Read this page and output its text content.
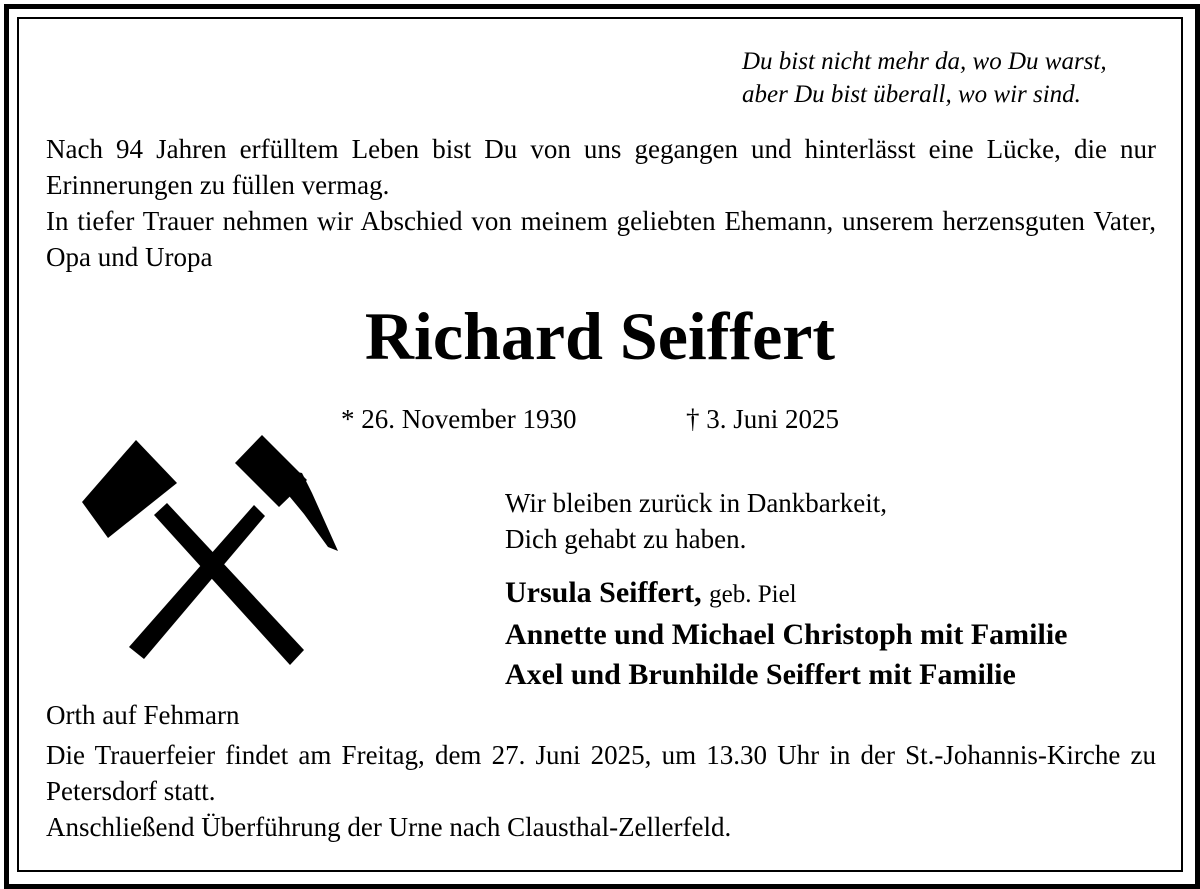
Du bist nicht mehr da, wo Du warst,
aber Du bist überall, wo wir sind.
Nach 94 Jahren erfülltem Leben bist Du von uns gegangen und hinterlässt eine Lücke, die nur Erinnerungen zu füllen vermag.
In tiefer Trauer nehmen wir Abschied von meinem geliebten Ehemann, unserem herzensguten Vater, Opa und Uropa
Richard Seiffert
* 26. November 1930	† 3. Juni 2025
Wir bleiben zurück in Dankbarkeit,
Dich gehabt zu haben.
Ursula Seiffert, geb. Piel
Annette und Michael Christoph mit Familie
Axel und Brunhilde Seiffert mit Familie
Orth auf Fehmarn
Die Trauerfeier findet am Freitag, dem 27. Juni 2025, um 13.30 Uhr in der St.-Johannis-Kirche zu Petersdorf statt.
Anschließend Überführung der Urne nach Clausthal-Zellerfeld.
